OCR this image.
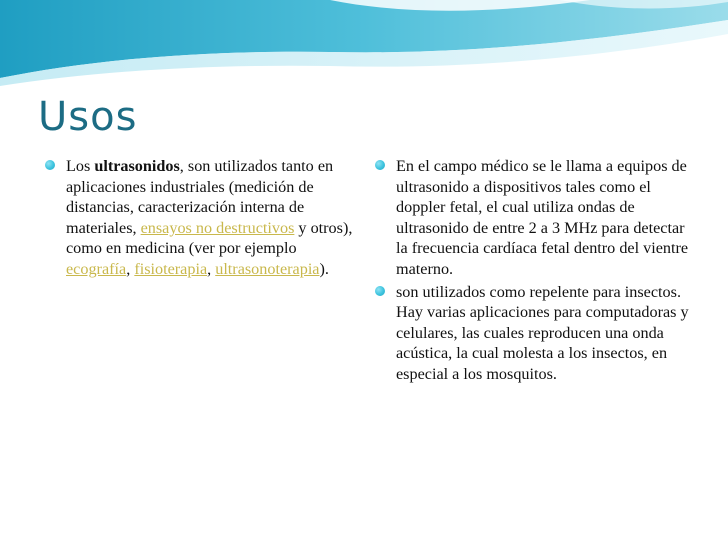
Usos
Los ultrasonidos, son utilizados tanto en aplicaciones industriales (medición de distancias, caracterización interna de materiales, ensayos no destructivos y otros), como en medicina (ver por ejemplo ecografía, fisioterapia, ultrasonoterapia).
En el campo médico se le llama a equipos de ultrasonido a dispositivos tales como el doppler fetal, el cual utiliza ondas de ultrasonido de entre 2 a 3 MHz para detectar la frecuencia cardíaca fetal dentro del vientre materno.
son utilizados como repelente para insectos. Hay varias aplicaciones para computadoras y celulares, las cuales reproducen una onda acústica, la cual molesta a los insectos, en especial a los mosquitos.
